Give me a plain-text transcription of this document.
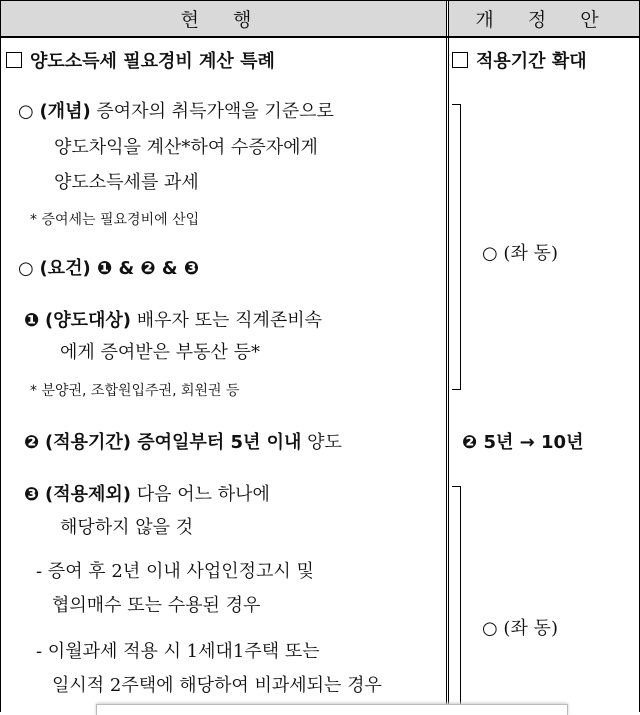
현 행	개 정 안
양도소득세 필요경비 계산 특례
○ (개념) 증여자의 취득가액을 기준으로
양도차익을 계산*하여 수증자에게
양도소득세를 과세
* 증여세는 필요경비에 산입
○ (요건) ❶ & ❷ & ❸
❶ (양도대상) 배우자 또는 직계존비속
에게 증여받은 부동산 등*
* 분양권, 조합원입주권, 회원권 등
❷ (적용기간) 증여일부터 5년 이내 양도
❸ (적용제외) 다음 어느 하나에
해당하지 않을 것
- 증여 후 2년 이내 사업인정고시 및
협의매수 또는 수용된 경우
- 이월과세 적용 시 1세대1주택 또는
일시적 2주택에 해당하여 비과세되는 경우
적용기간 확대
○ (좌 동)
❷ 5년 → 10년
○ (좌 동)
